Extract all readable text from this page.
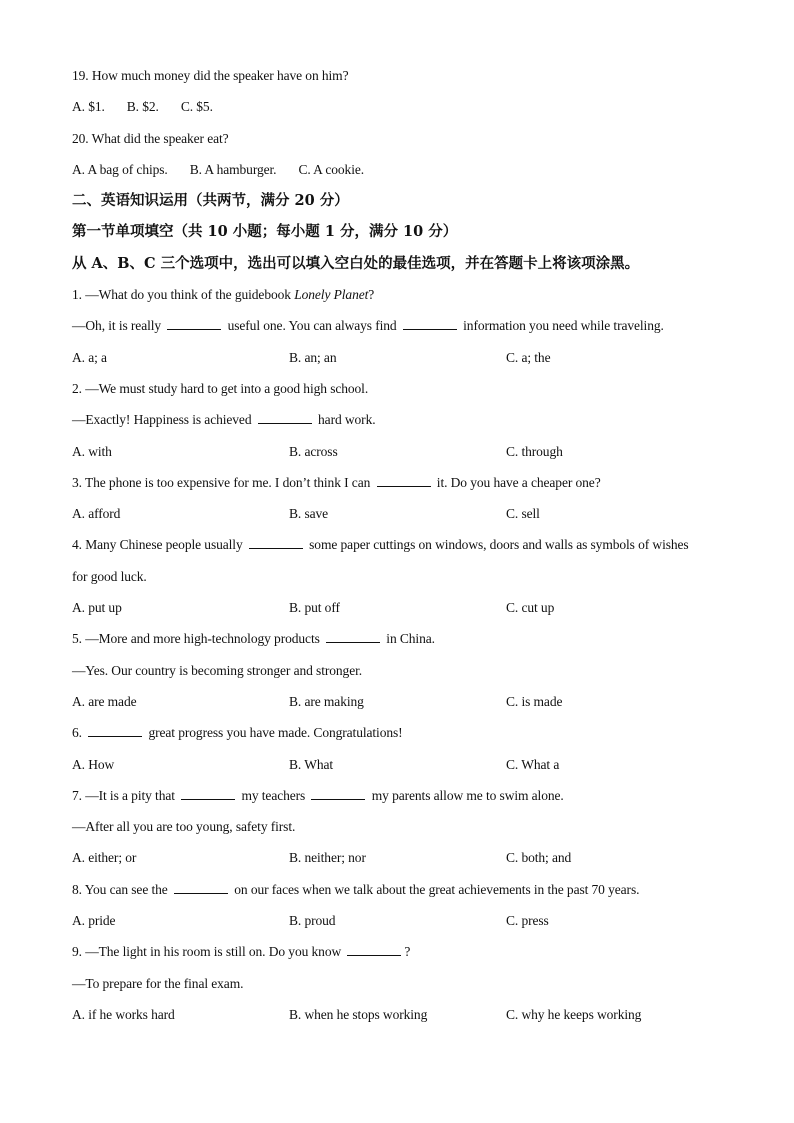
19. How much money did the speaker have on him?
A. $1. B. $2. C. $5.
20. What did the speaker eat?
A. A bag of chips. B. A hamburger. C. A cookie.
二、英语知识运用（共两节，满分 20 分）
第一节单项填空（共 10 小题；每小题 1 分，满分 10 分）
从 A、B、C 三个选项中，选出可以填入空白处的最佳选项，并在答题卡上将该项涂黑。
1. —What do you think of the guidebook Lonely Planet?
—Oh, it is really	useful one. You can always find	information you need while traveling.
A. a; a	B. an; an	C. a; the
2. —We must study hard to get into a good high school.
—Exactly! Happiness is achieved	hard work.
A. with	B. across	C. through
3. The phone is too expensive for me. I don’t think I can	it. Do you have a cheaper one?
A. afford	B. save	C. sell
4. Many Chinese people usually	some paper cuttings on windows, doors and walls as symbols of wishes
for good luck.
A. put up	B. put off	C. cut up
5. —More and more high-technology products	in China.
—Yes. Our country is becoming stronger and stronger.
A. are made	B. are making	C. is made
6.	great progress you have made. Congratulations!
A. How	B. What	C. What a
7. —It is a pity that	my teachers	my parents allow me to swim alone.
—After all you are too young, safety first.
A. either; or	B. neither; nor	C. both; and
8. You can see the	on our faces when we talk about the great achievements in the past 70 years.
A. pride	B. proud	C. press
9. —The light in his room is still on. Do you know	?
—To prepare for the final exam.
A. if he works hard	B. when he stops working	C. why he keeps working
